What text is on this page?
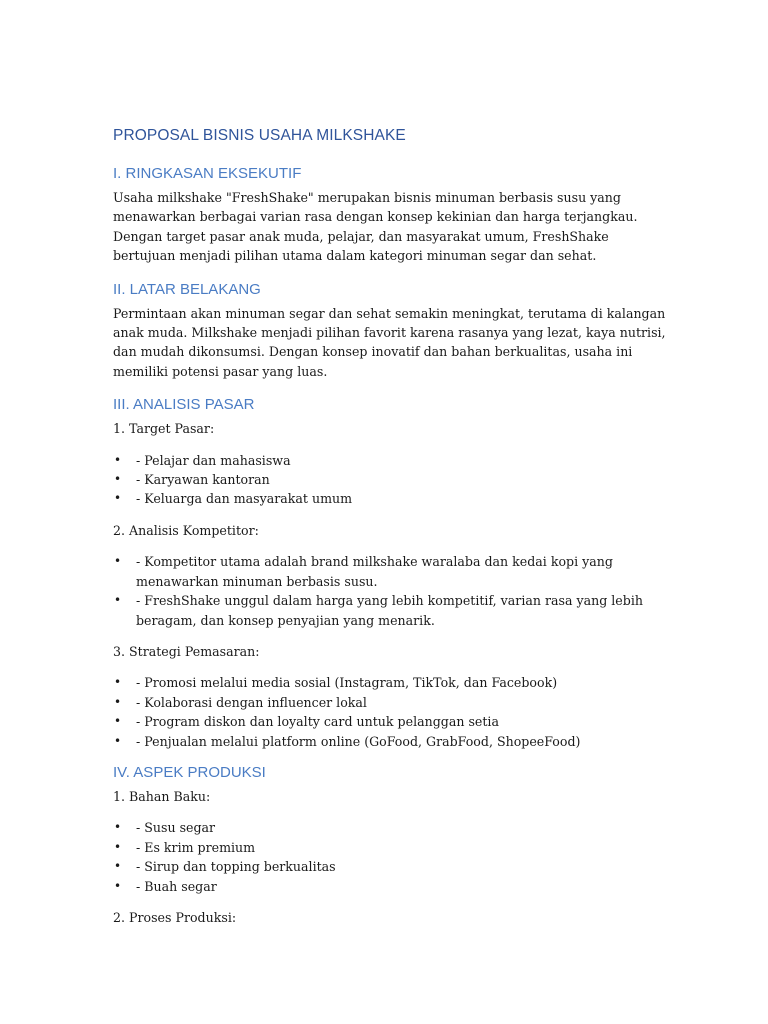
PROPOSAL BISNIS USAHA MILKSHAKE
I. RINGKASAN EKSEKUTIF

Usaha milkshake "FreshShake" merupakan bisnis minuman berbasis susu yang menawarkan berbagai varian rasa dengan konsep kekinian dan harga terjangkau. Dengan target pasar anak muda, pelajar, dan masyarakat umum, FreshShake bertujuan menjadi pilihan utama dalam kategori minuman segar dan sehat.

II. LATAR BELAKANG

Permintaan akan minuman segar dan sehat semakin meningkat, terutama di kalangan anak muda. Milkshake menjadi pilihan favorit karena rasanya yang lezat, kaya nutrisi, dan mudah dikonsumsi. Dengan konsep inovatif dan bahan berkualitas, usaha ini memiliki potensi pasar yang luas.

III. ANALISIS PASAR
1. Target Pasar:
• - Pelajar dan mahasiswa
• - Karyawan kantoran
• - Keluarga dan masyarakat umum
2. Analisis Kompetitor:
• - Kompetitor utama adalah brand milkshake waralaba dan kedai kopi yang menawarkan minuman berbasis susu.
• - FreshShake unggul dalam harga yang lebih kompetitif, varian rasa yang lebih beragam, dan konsep penyajian yang menarik.
3. Strategi Pemasaran:
• - Promosi melalui media sosial (Instagram, TikTok, dan Facebook)
• - Kolaborasi dengan influencer lokal
• - Program diskon dan loyalty card untuk pelanggan setia
• - Penjualan melalui platform online (GoFood, GrabFood, ShopeeFood)
IV. ASPEK PRODUKSI
1. Bahan Baku:
• - Susu segar
• - Es krim premium
• - Sirup dan topping berkualitas
• - Buah segar
2. Proses Produksi:
